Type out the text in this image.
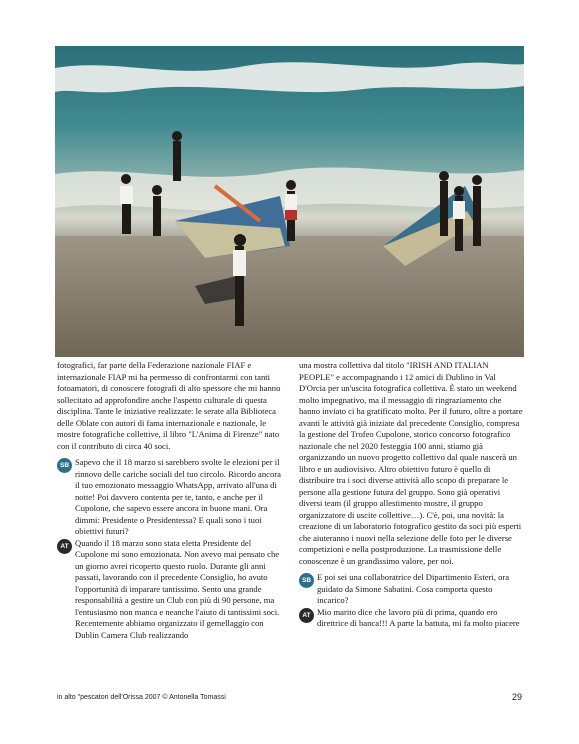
fotografici, far parte della Federazione nazionale FIAF e internazionale FIAP mi ha permesso di confrontarmi con tanti fotoamatori, di conoscere fotografi di alto spessore che mi hanno sollecitato ad approfondire anche l'aspetto culturale di questa disciplina. Tante le iniziative realizzate: le serate alla Biblioteca delle Oblate con autori di fama internazionale e nazionale, le mostre fotografiche collettive, il libro "L'Anima di Firenze" nato con il contributo di circa 40 soci.

SB Sapevo che il 18 marzo si sarebbero svolte le elezioni per il rinnovo delle cariche sociali del tuo circolo. Ricordo ancora il tuo emozionato messaggio WhatsApp, arrivato all'una di notte! Poi davvero contenta per te, tanto, e anche per il Cupolone, che sapevo essere ancora in buone mani. Ora dimmi: Presidente o Presidentessa? E quali sono i tuoi obiettivi futuri?

AT Quando il 18 marzo sono stata eletta Presidente del Cupolone mi sono emozionata. Non avevo mai pensato che un giorno avrei ricoperto questo ruolo. Durante gli anni passati, lavorando con il precedente Consiglio, ho avuto l'opportunità di imparare tantissimo. Sento una grande responsabilità a gestire un Club con più di 90 persone, ma l'entusiasmo non manca e neanche l'aiuto di tantissimi soci. Recentemente abbiamo organizzato il gemellaggio con Dublin Camera Club realizzando

una mostra collettiva dal titolo "IRISH AND ITALIAN PEOPLE" e accompagnando i 12 amici di Dublino in Val D'Orcia per un'uscita fotografica collettiva. È stato un weekend molto impegnativo, ma il messaggio di ringraziamento che hanno inviato ci ha gratificato molto. Per il futuro, oltre a portare avanti le attività già iniziate dal precedente Consiglio, compresa la gestione del Trofeo Cupolone, storico concorso fotografico nazionale che nel 2020 festeggia 100 anni, stiamo già organizzando un nuovo progetto collettivo dal quale nascerà un libro e un audiovisivo. Altro obiettivo futuro è quello di distribuire tra i soci diverse attività allo scopo di preparare le persone alla gestione futura del gruppo. Sono già operativi diversi team (il gruppo allestimento mostre, il gruppo organizzatore di uscite collettive…). C'è, poi, una novità: la creazione di un laboratorio fotografico gestito da soci più esperti che aiuteranno i nuovi nella selezione delle foto per le diverse competizioni e nella postproduzione. La trasmissione delle conoscenze è un grandissimo valore, per noi.

SB E poi sei una collaboratrice del Dipartimento Esteri, ora guidato da Simone Sabatini. Cosa comporta questo incarico?

AT Mio marito dice che lavoro più di prima, quando ero direttrice di banca!!! A parte la battuta, mi fa molto piacere

in alto "pescatori dell'Orissa 2007 © Antonella Tomassi	29
